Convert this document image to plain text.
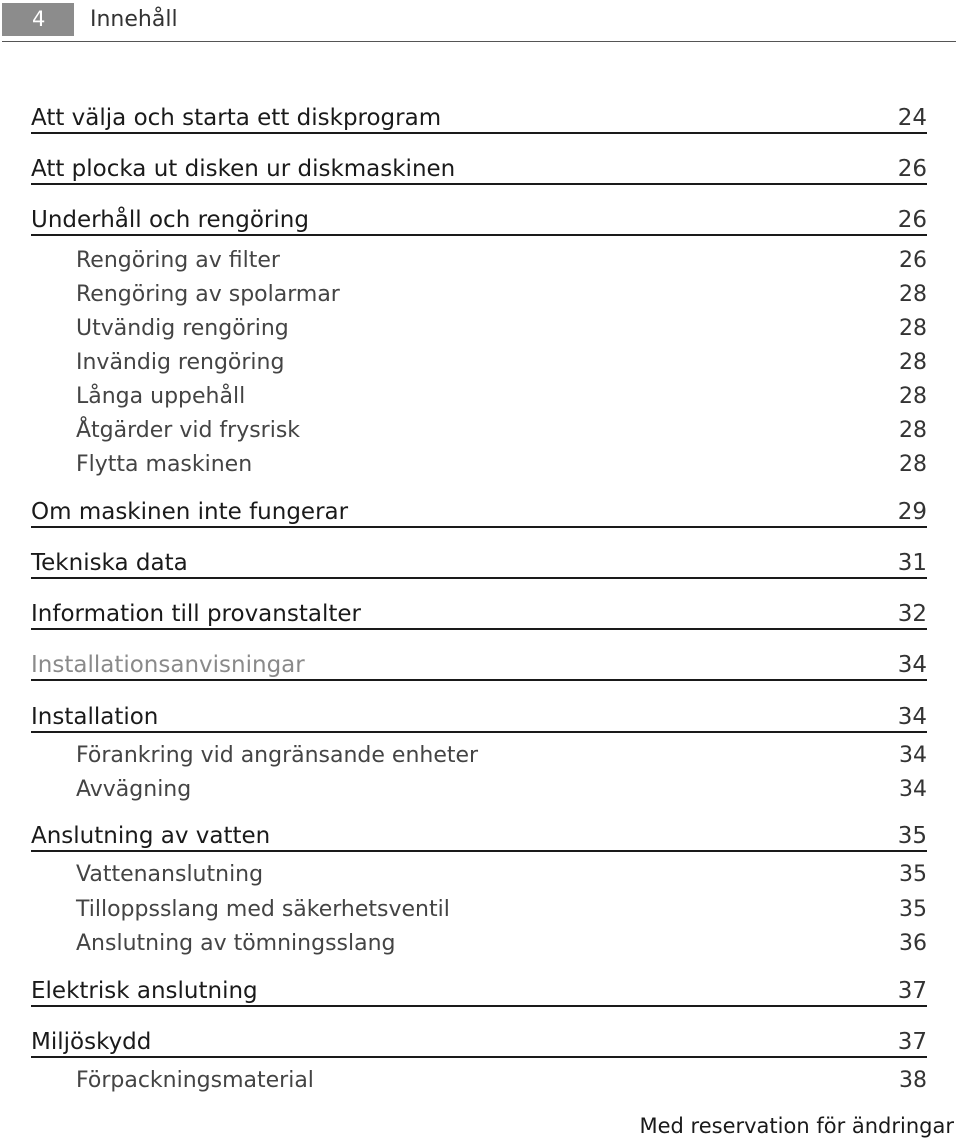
4	Innehåll
Att välja och starta ett diskprogram	24
Att plocka ut disken ur diskmaskinen	26
Underhåll och rengöring	26
Rengöring av filter	26
Rengöring av spolarmar	28
Utvändig rengöring	28
Invändig rengöring	28
Långa uppehåll	28
Åtgärder vid frysrisk	28
Flytta maskinen	28
Om maskinen inte fungerar	29
Tekniska data	31
Information till provanstalter	32
Installationsanvisningar	34
Installation	34
Förankring vid angränsande enheter	34
Avvägning	34
Anslutning av vatten	35
Vattenanslutning	35
Tilloppsslang med säkerhetsventil	35
Anslutning av tömningsslang	36
Elektrisk anslutning	37
Miljöskydd	37
Förpackningsmaterial	38
Med reservation för ändringar
